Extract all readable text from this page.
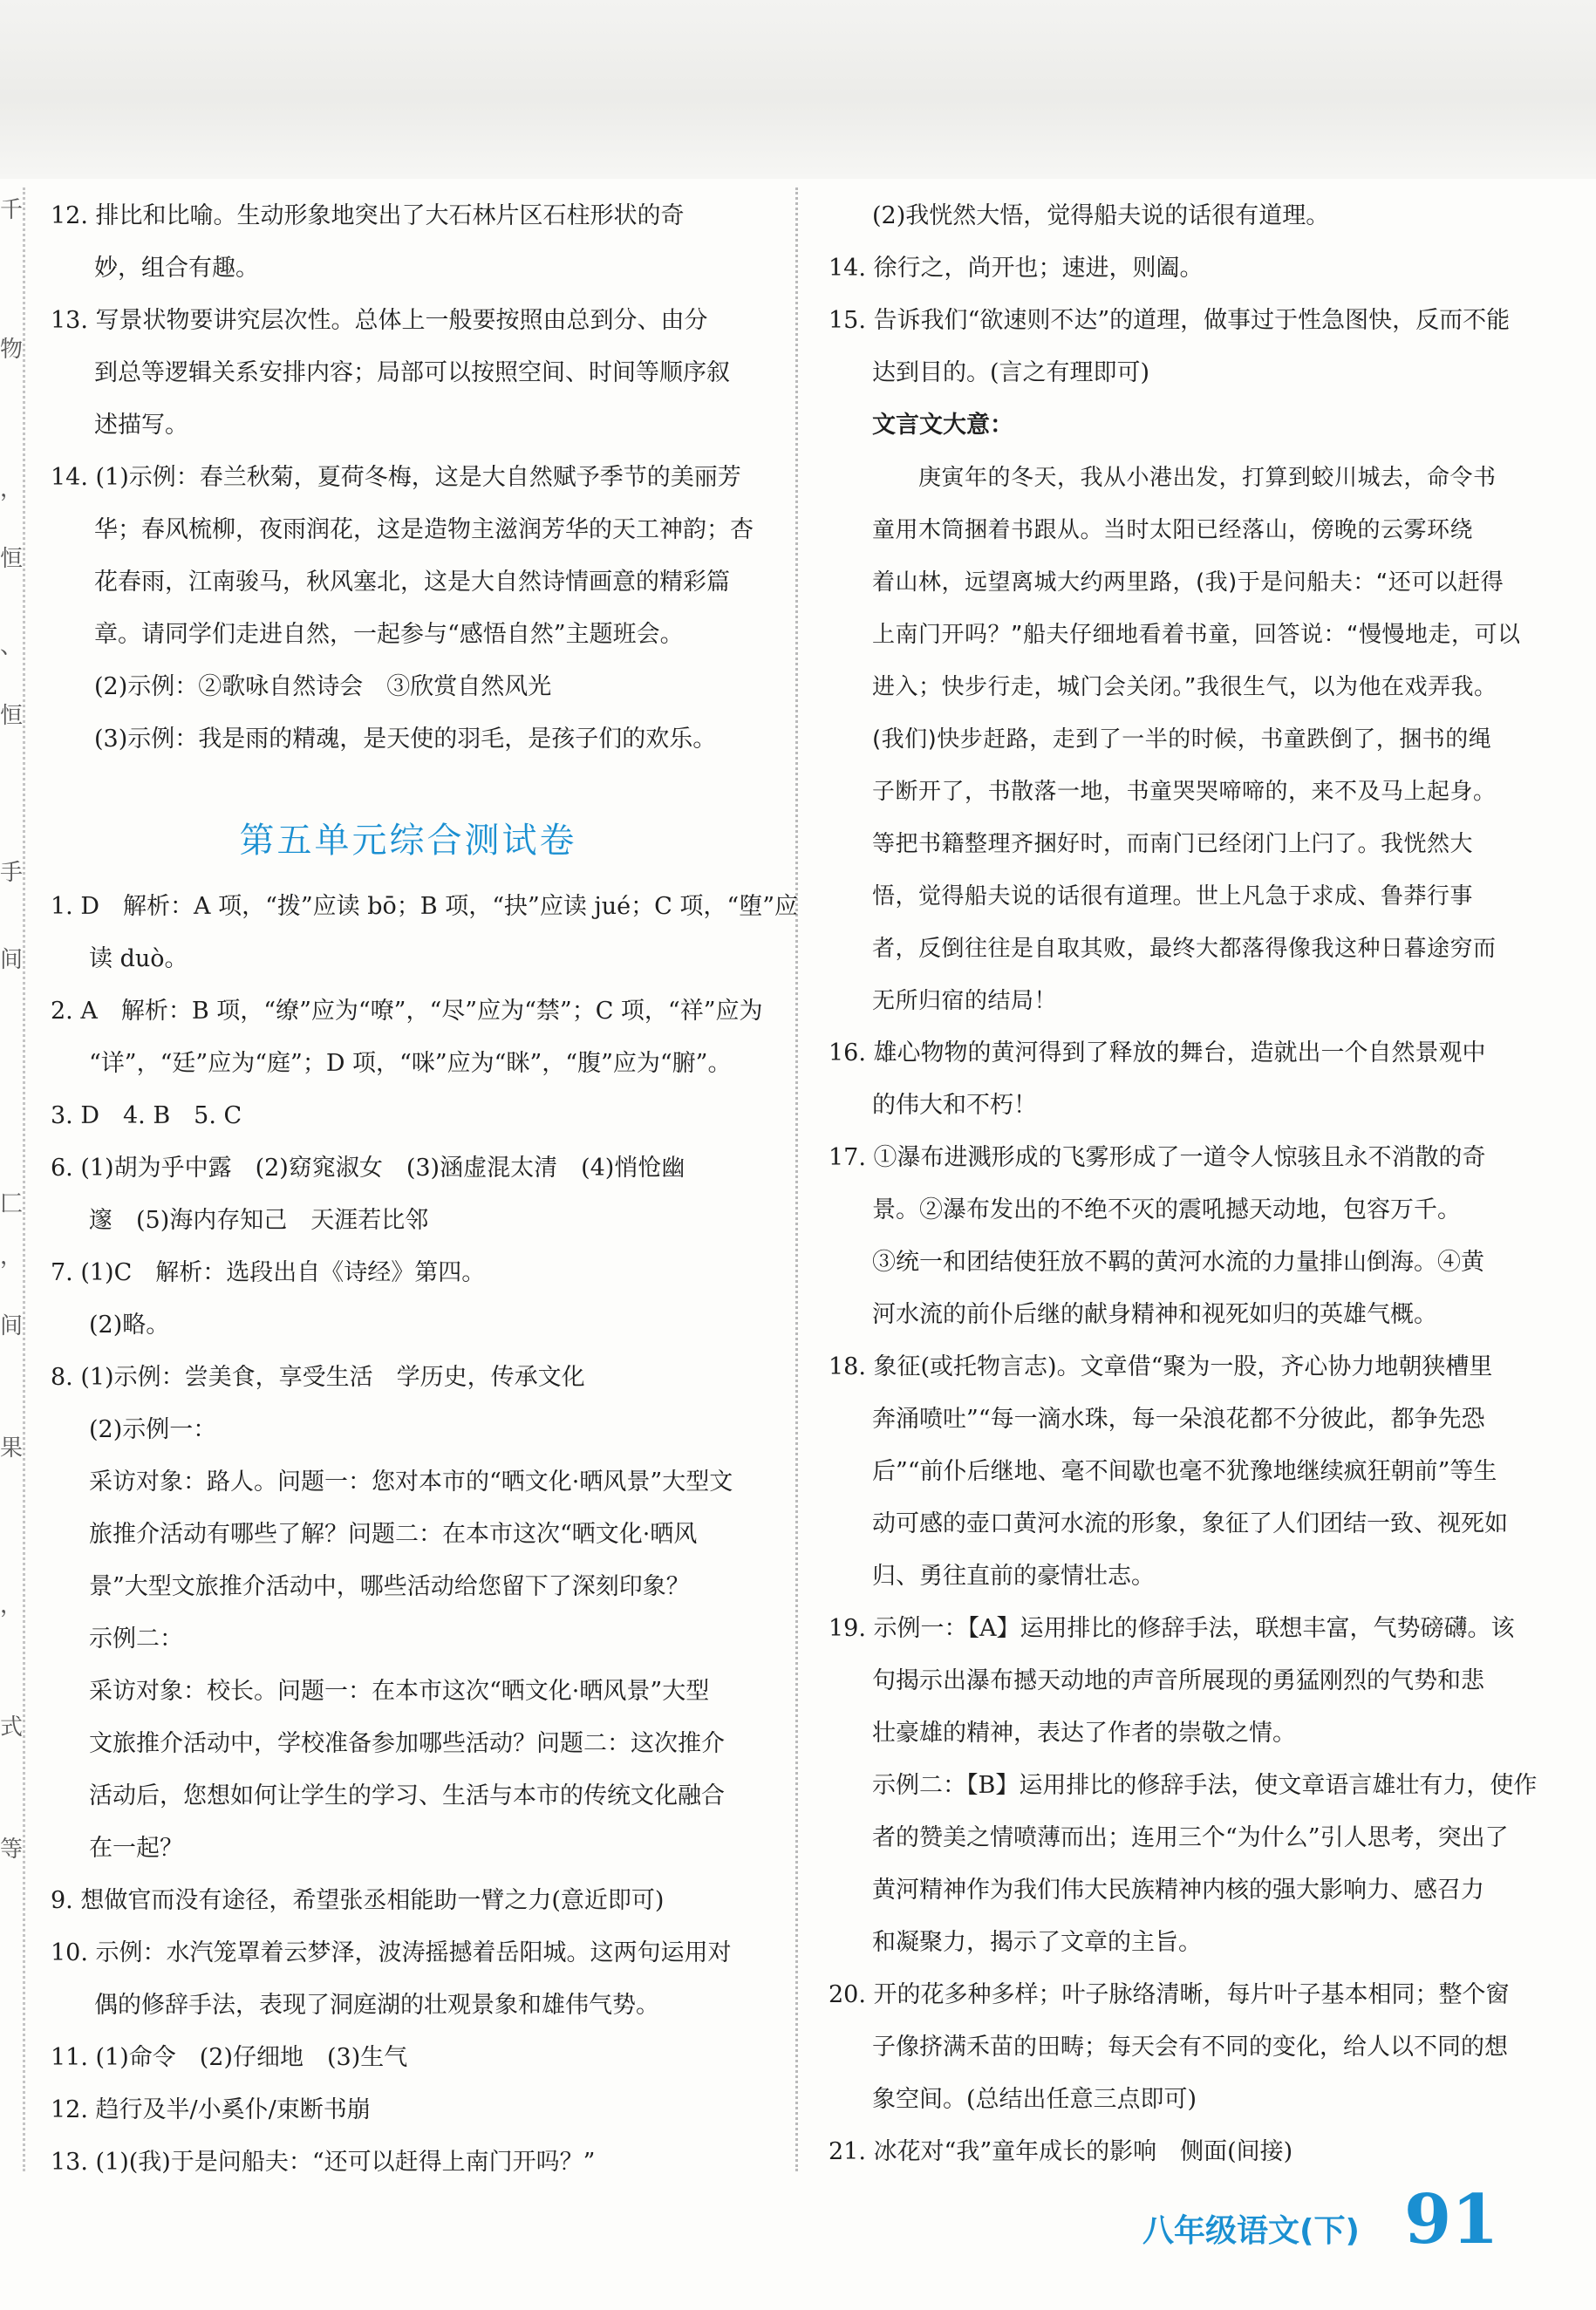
千
物
，
恒
、
恒
手
间
匚
，
间
果
，
式
等
12. 排比和比喻。生动形象地突出了大石林片区石柱形状的奇
妙，组合有趣。
13. 写景状物要讲究层次性。总体上一般要按照由总到分、由分
到总等逻辑关系安排内容；局部可以按照空间、时间等顺序叙
述描写。
14. (1)示例：春兰秋菊，夏荷冬梅，这是大自然赋予季节的美丽芳
华；春风梳柳，夜雨润花，这是造物主滋润芳华的天工神韵；杏
花春雨，江南骏马，秋风塞北，这是大自然诗情画意的精彩篇
章。请同学们走进自然，一起参与“感悟自然”主题班会。
(2)示例：②歌咏自然诗会　③欣赏自然风光
(3)示例：我是雨的精魂，是天使的羽毛，是孩子们的欢乐。
第五单元综合测试卷
1. D　解析：A 项，“拨”应读 bō；B 项，“抉”应读 jué；C 项，“堕”应
读 duò。
2. A　解析：B 项，“缭”应为“嘹”，“尽”应为“禁”；C 项，“祥”应为
“详”，“廷”应为“庭”；D 项，“咪”应为“眯”，“腹”应为“腑”。
3. D　4. B　5. C
6. (1)胡为乎中露　(2)窈窕淑女　(3)涵虚混太清　(4)悄怆幽
邃　(5)海内存知己　天涯若比邻
7. (1)C　解析：选段出自《诗经》第四。
(2)略。
8. (1)示例：尝美食，享受生活　学历史，传承文化
(2)示例一：
采访对象：路人。问题一：您对本市的“晒文化·晒风景”大型文
旅推介活动有哪些了解？问题二：在本市这次“晒文化·晒风
景”大型文旅推介活动中，哪些活动给您留下了深刻印象？
示例二：
采访对象：校长。问题一：在本市这次“晒文化·晒风景”大型
文旅推介活动中，学校准备参加哪些活动？问题二：这次推介
活动后，您想如何让学生的学习、生活与本市的传统文化融合
在一起？
9. 想做官而没有途径，希望张丞相能助一臂之力(意近即可)
10. 示例：水汽笼罩着云梦泽，波涛摇撼着岳阳城。这两句运用对
偶的修辞手法，表现了洞庭湖的壮观景象和雄伟气势。
11. (1)命令　(2)仔细地　(3)生气
12. 趋行及半/小奚仆/束断书崩
13. (1)(我)于是问船夫：“还可以赶得上南门开吗？”
(2)我恍然大悟，觉得船夫说的话很有道理。
14. 徐行之，尚开也；速进，则阖。
15. 告诉我们“欲速则不达”的道理，做事过于性急图快，反而不能
达到目的。(言之有理即可)
文言文大意：
　　庚寅年的冬天，我从小港出发，打算到蛟川城去，命令书
童用木筒捆着书跟从。当时太阳已经落山，傍晚的云雾环绕
着山林，远望离城大约两里路，(我)于是问船夫：“还可以赶得
上南门开吗？”船夫仔细地看着书童，回答说：“慢慢地走，可以
进入；快步行走，城门会关闭。”我很生气，以为他在戏弄我。
(我们)快步赶路，走到了一半的时候，书童跌倒了，捆书的绳
子断开了，书散落一地，书童哭哭啼啼的，来不及马上起身。
等把书籍整理齐捆好时，而南门已经闭门上闩了。我恍然大
悟，觉得船夫说的话很有道理。世上凡急于求成、鲁莽行事
者，反倒往往是自取其败，最终大都落得像我这种日暮途穷而
无所归宿的结局！
16. 雄心物物的黄河得到了释放的舞台，造就出一个自然景观中
的伟大和不朽！
17. ①瀑布进溅形成的飞雾形成了一道令人惊骇且永不消散的奇
景。②瀑布发出的不绝不灭的震吼撼天动地，包容万千。
③统一和团结使狂放不羁的黄河水流的力量排山倒海。④黄
河水流的前仆后继的献身精神和视死如归的英雄气概。
18. 象征(或托物言志)。文章借“聚为一股，齐心协力地朝狭槽里
奔涌喷吐”“每一滴水珠，每一朵浪花都不分彼此，都争先恐
后”“前仆后继地、毫不间歇也毫不犹豫地继续疯狂朝前”等生
动可感的壶口黄河水流的形象，象征了人们团结一致、视死如
归、勇往直前的豪情壮志。
19. 示例一：【A】运用排比的修辞手法，联想丰富，气势磅礴。该
句揭示出瀑布撼天动地的声音所展现的勇猛刚烈的气势和悲
壮豪雄的精神，表达了作者的崇敬之情。
示例二：【B】运用排比的修辞手法，使文章语言雄壮有力，使作
者的赞美之情喷薄而出；连用三个“为什么”引人思考，突出了
黄河精神作为我们伟大民族精神内核的强大影响力、感召力
和凝聚力，揭示了文章的主旨。
20. 开的花多种多样；叶子脉络清晰，每片叶子基本相同；整个窗
子像挤满禾苗的田畴；每天会有不同的变化，给人以不同的想
象空间。(总结出任意三点即可)
21. 冰花对“我”童年成长的影响　侧面(间接)
八年级语文(下) 91
